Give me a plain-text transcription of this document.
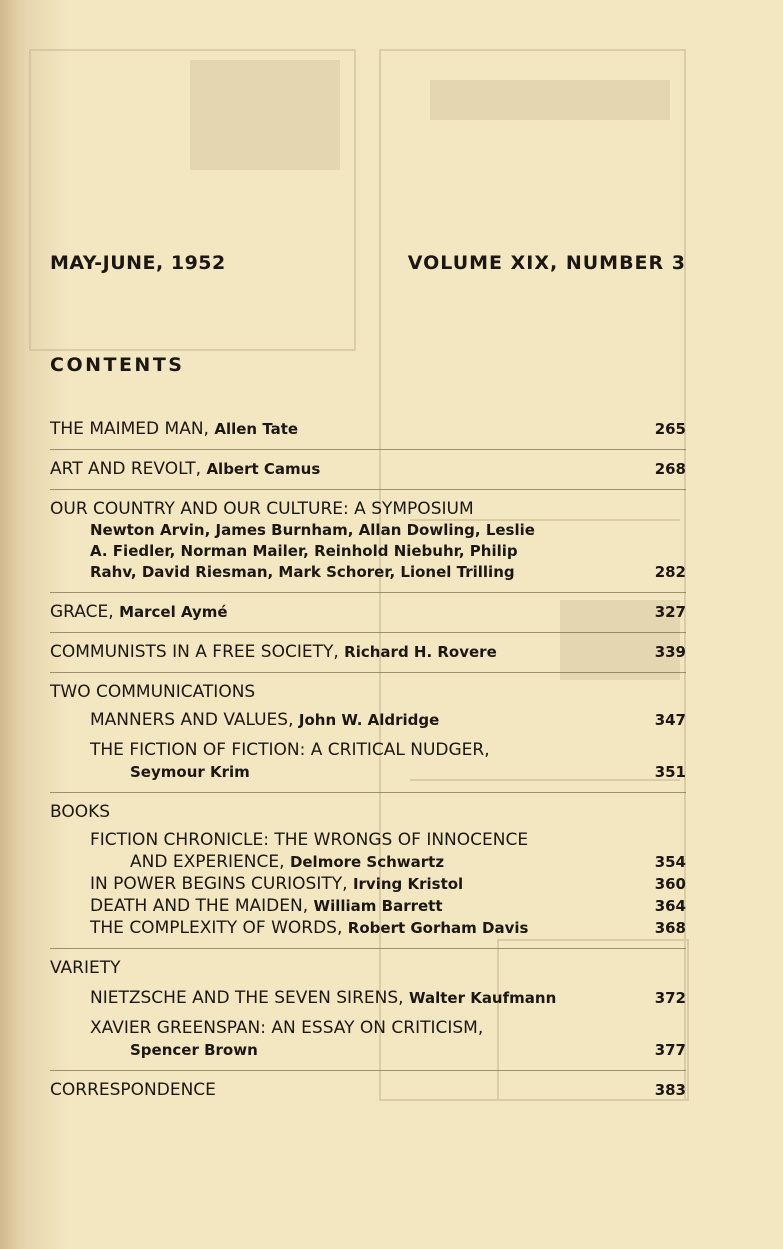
MAY-JUNE, 1952	VOLUME XIX, NUMBER 3
CONTENTS
THE MAIMED MAN, Allen Tate	265
ART AND REVOLT, Albert Camus	268
OUR COUNTRY AND OUR CULTURE: A SYMPOSIUM
Newton Arvin, James Burnham, Allan Dowling, Leslie
A. Fiedler, Norman Mailer, Reinhold Niebuhr, Philip
Rahv, David Riesman, Mark Schorer, Lionel Trilling	282
GRACE, Marcel Aymé	327
COMMUNISTS IN A FREE SOCIETY, Richard H. Rovere	339
TWO COMMUNICATIONS
MANNERS AND VALUES, John W. Aldridge	347
THE FICTION OF FICTION: A CRITICAL NUDGER,
Seymour Krim	351
BOOKS
FICTION CHRONICLE: THE WRONGS OF INNOCENCE
AND EXPERIENCE, Delmore Schwartz	354
IN POWER BEGINS CURIOSITY, Irving Kristol	360
DEATH AND THE MAIDEN, William Barrett	364
THE COMPLEXITY OF WORDS, Robert Gorham Davis	368
VARIETY
NIETZSCHE AND THE SEVEN SIRENS, Walter Kaufmann	372
XAVIER GREENSPAN: AN ESSAY ON CRITICISM,
Spencer Brown	377
CORRESPONDENCE	383
